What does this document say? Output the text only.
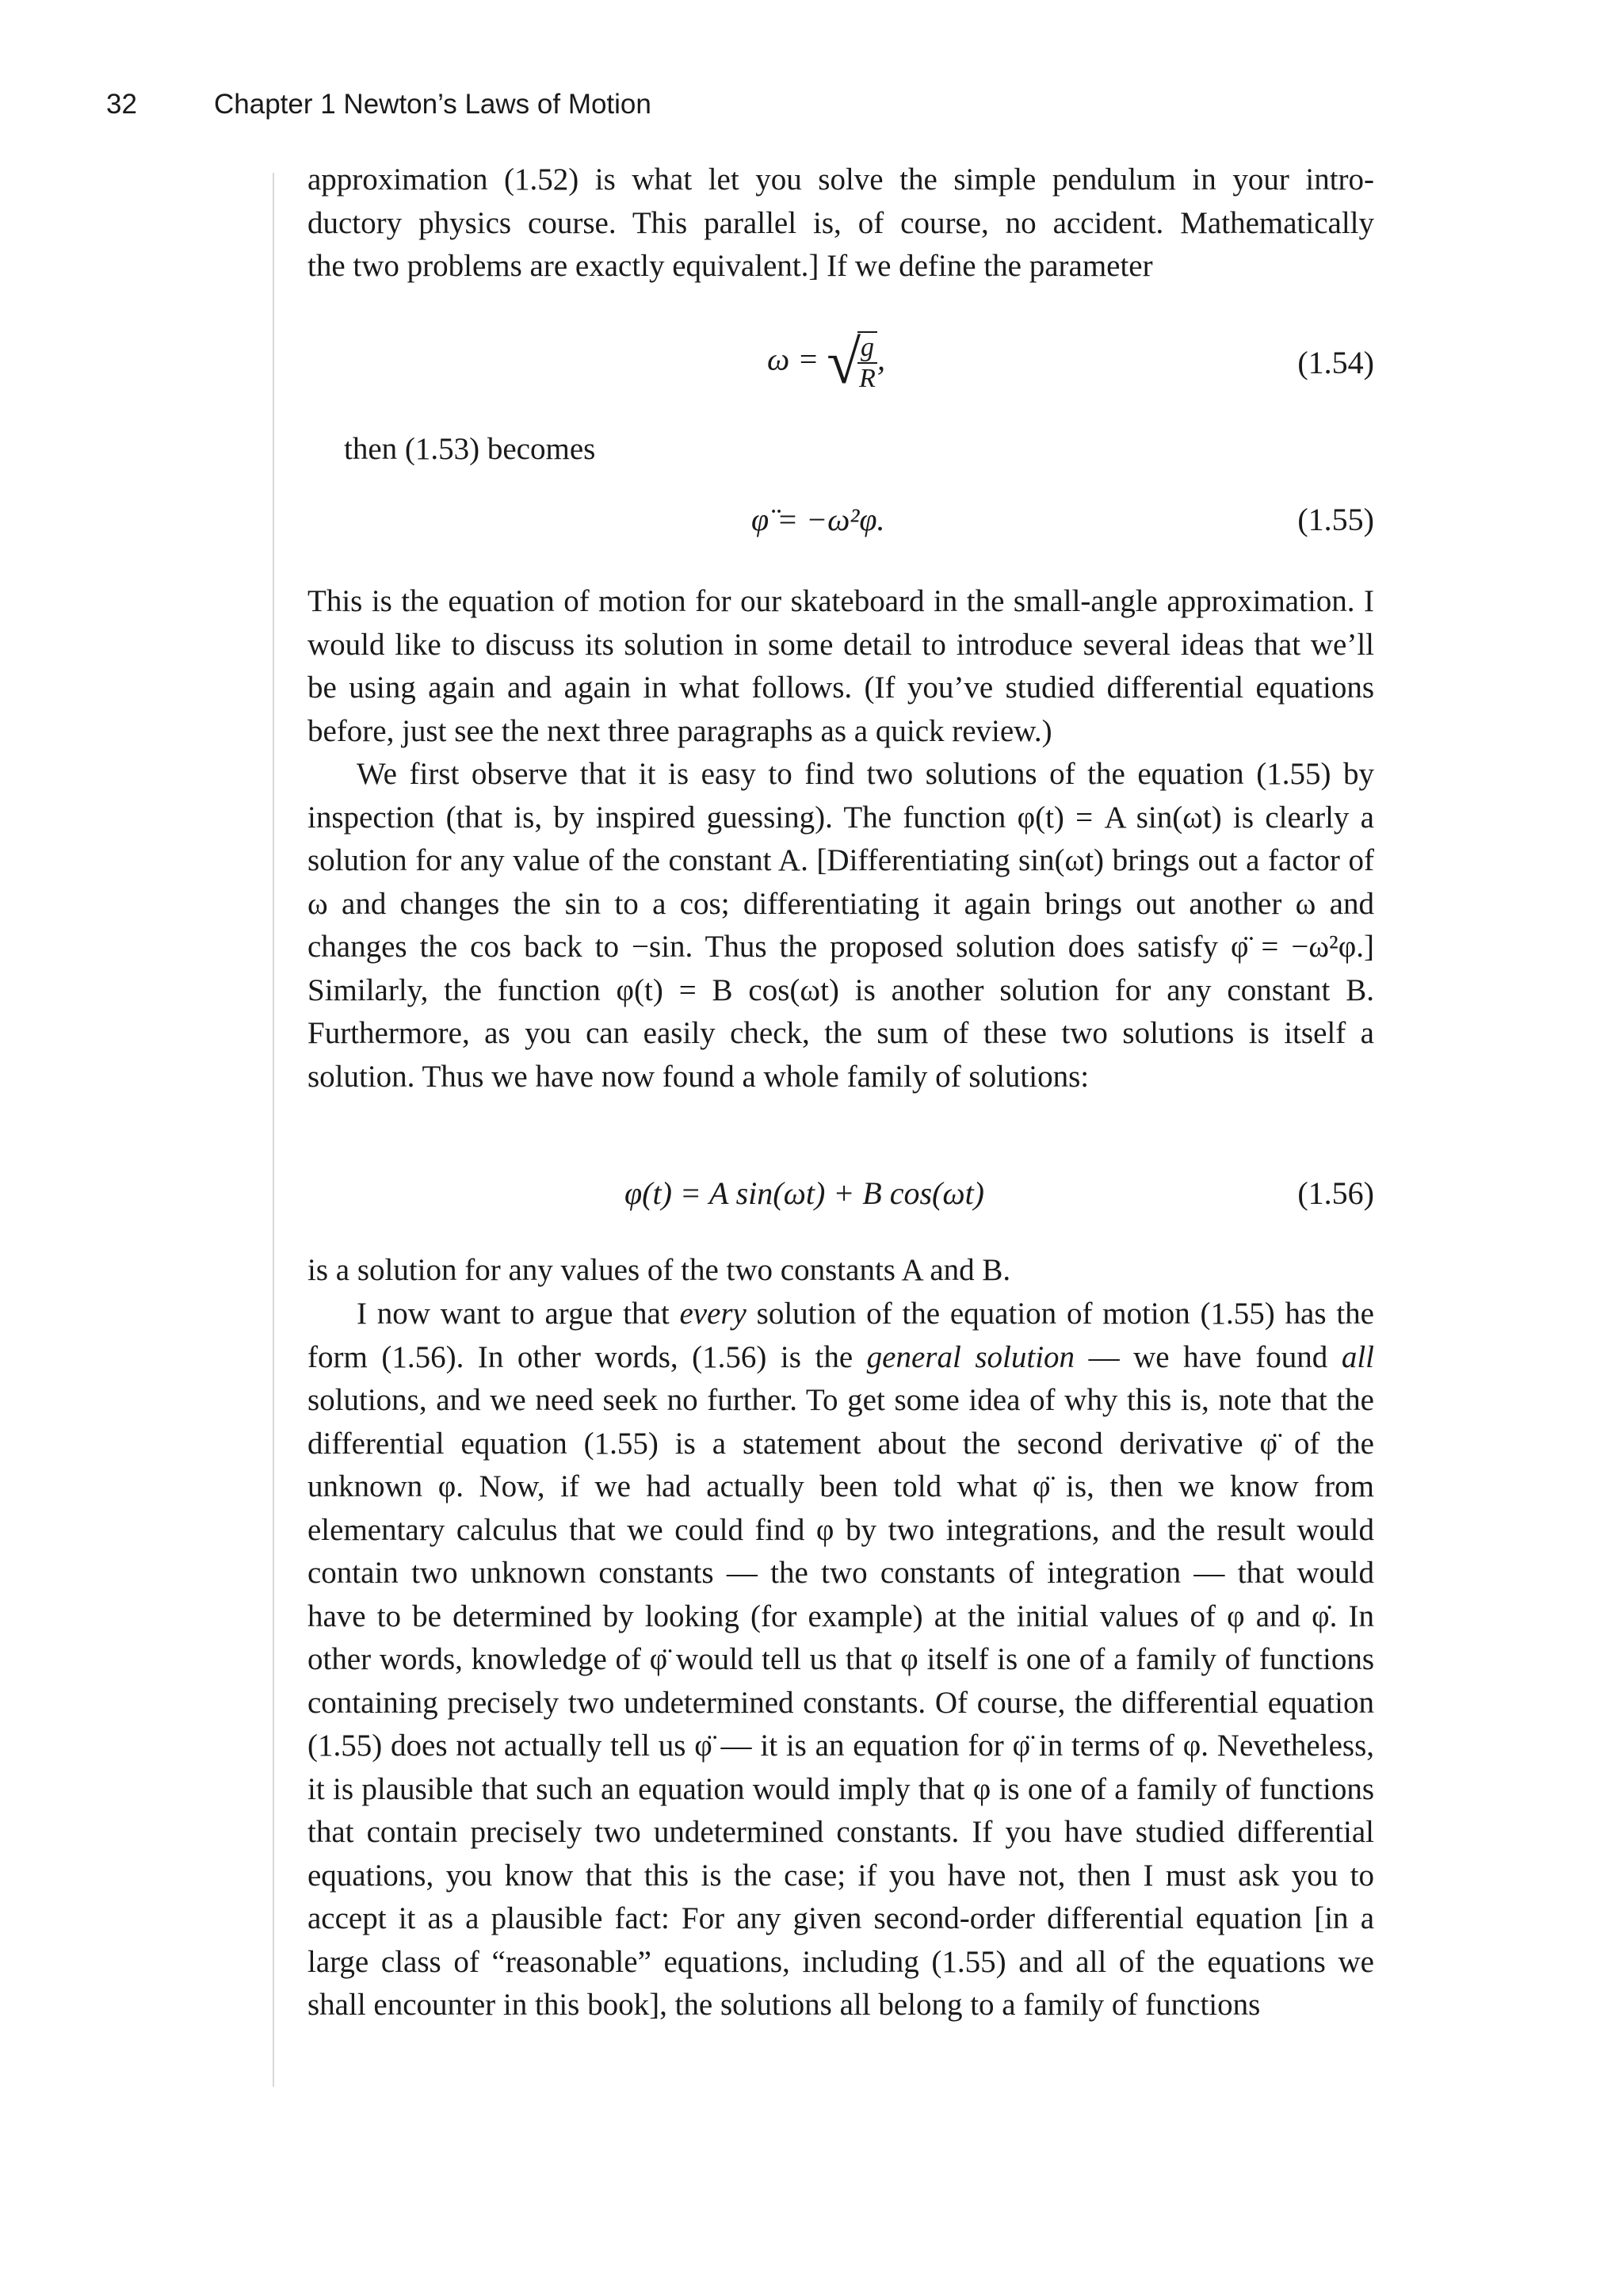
32	Chapter 1 Newton’s Laws of Motion

approximation (1.52) is what let you solve the simple pendulum in your intro-

ductory physics course. This parallel is, of course, no accident. Mathematically

the two problems are exactly equivalent.] If we define the parameter

ω = √
$\frac{g}{R}$ ,	(1.54)

then (1.53) becomes

φ̈ = −ω²φ.	(1.55)

This is the equation of motion for our skateboard in the small-angle approximation. I would like to discuss its solution in some detail to introduce several ideas that we’ll be using again and again in what follows. (If you’ve studied differential equations before, just see the next three paragraphs as a quick review.)

We first observe that it is easy to find two solutions of the equation (1.55) by inspection (that is, by inspired guessing). The function φ(t) = A sin(ωt) is clearly a solution for any value of the constant A. [Differentiating sin(ωt) brings out a factor of ω and changes the sin to a cos; differentiating it again brings out another ω and changes the cos back to −sin. Thus the proposed solution does satisfy φ̈ = −ω²φ.] Similarly, the function φ(t) = B cos(ωt) is another solution for any constant B. Furthermore, as you can easily check, the sum of these two solutions is itself a solution. Thus we have now found a whole family of solutions:

φ(t) = A sin(ωt) + B cos(ωt)	(1.56)

is a solution for any values of the two constants A and B.

I now want to argue that every solution of the equation of motion (1.55) has the form (1.56). In other words, (1.56) is the general solution — we have found all solutions, and we need seek no further. To get some idea of why this is, note that the differential equation (1.55) is a statement about the second derivative φ̈ of the unknown φ. Now, if we had actually been told what φ̈ is, then we know from elementary calculus that we could find φ by two integrations, and the result would contain two unknown constants — the two constants of integration — that would have to be determined by looking (for example) at the initial values of φ and φ̇. In other words, knowledge of φ̈ would tell us that φ itself is one of a family of functions containing precisely two undetermined constants. Of course, the differential equation (1.55) does not actually tell us φ̈ — it is an equation for φ̈ in terms of φ. Nevetheless, it is plausible that such an equation would imply that φ is one of a family of functions that contain precisely two undetermined constants. If you have studied differential equations, you know that this is the case; if you have not, then I must ask you to accept it as a plausible fact: For any given second-order differential equation [in a large class of “reasonable” equations, including (1.55) and all of the equations we shall encounter in this book], the solutions all belong to a family of functions
